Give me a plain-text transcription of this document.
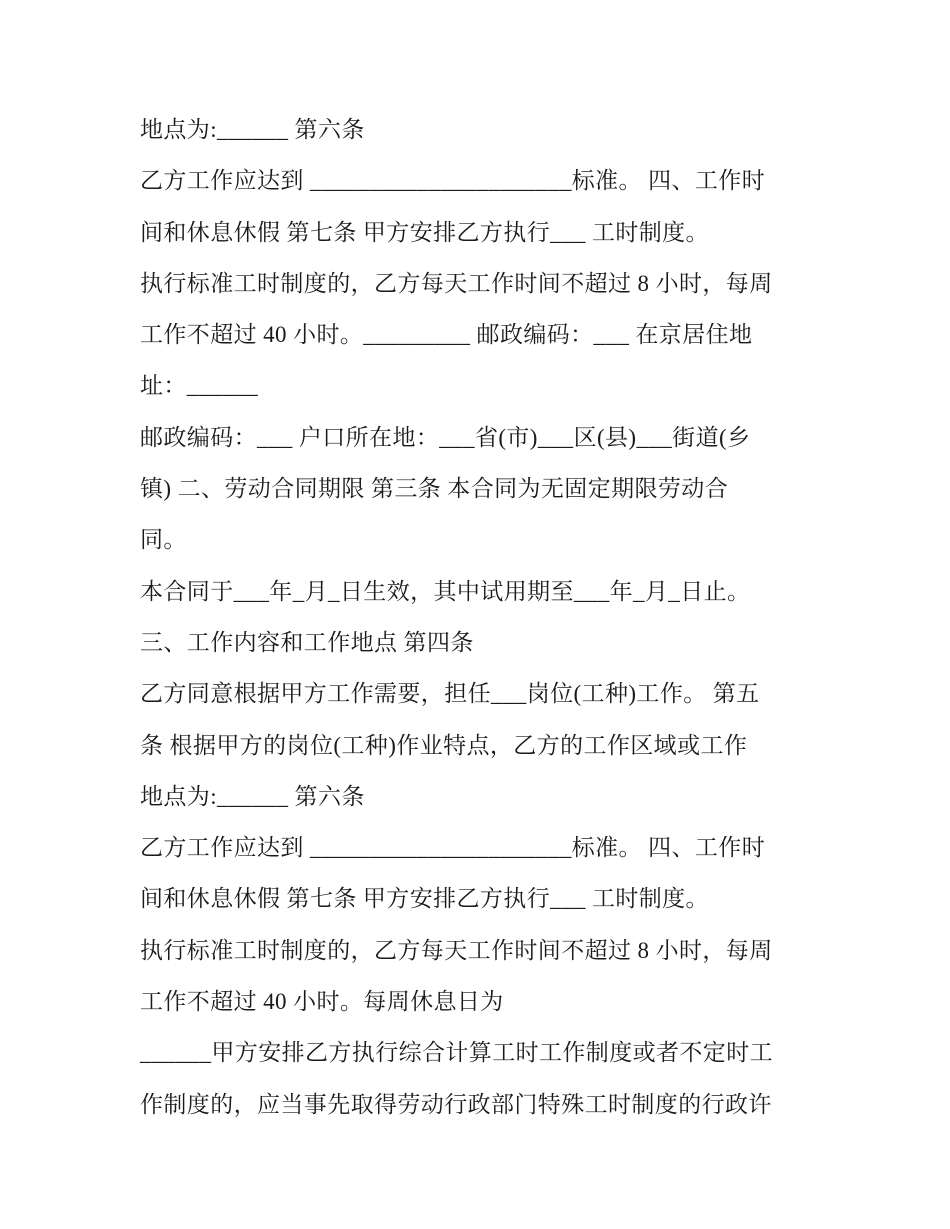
地点为:______ 第六条
乙方工作应达到 ______________________标准。 四、工作时
间和休息休假 第七条 甲方安排乙方执行___ 工时制度。
执行标准工时制度的，乙方每天工作时间不超过 8 小时，每周
工作不超过 40 小时。_________ 邮政编码：___ 在京居住地
址：______
邮政编码：___ 户口所在地：___省(市)___区(县)___街道(乡
镇) 二、劳动合同期限 第三条 本合同为无固定期限劳动合
同。
本合同于___年_月_日生效，其中试用期至___年_月_日止。
三、工作内容和工作地点 第四条
乙方同意根据甲方工作需要，担任___岗位(工种)工作。 第五
条 根据甲方的岗位(工种)作业特点，乙方的工作区域或工作
地点为:______ 第六条
乙方工作应达到 ______________________标准。 四、工作时
间和休息休假 第七条 甲方安排乙方执行___ 工时制度。
执行标准工时制度的，乙方每天工作时间不超过 8 小时，每周
工作不超过 40 小时。每周休息日为
______甲方安排乙方执行综合计算工时工作制度或者不定时工
作制度的，应当事先取得劳动行政部门特殊工时制度的行政许
